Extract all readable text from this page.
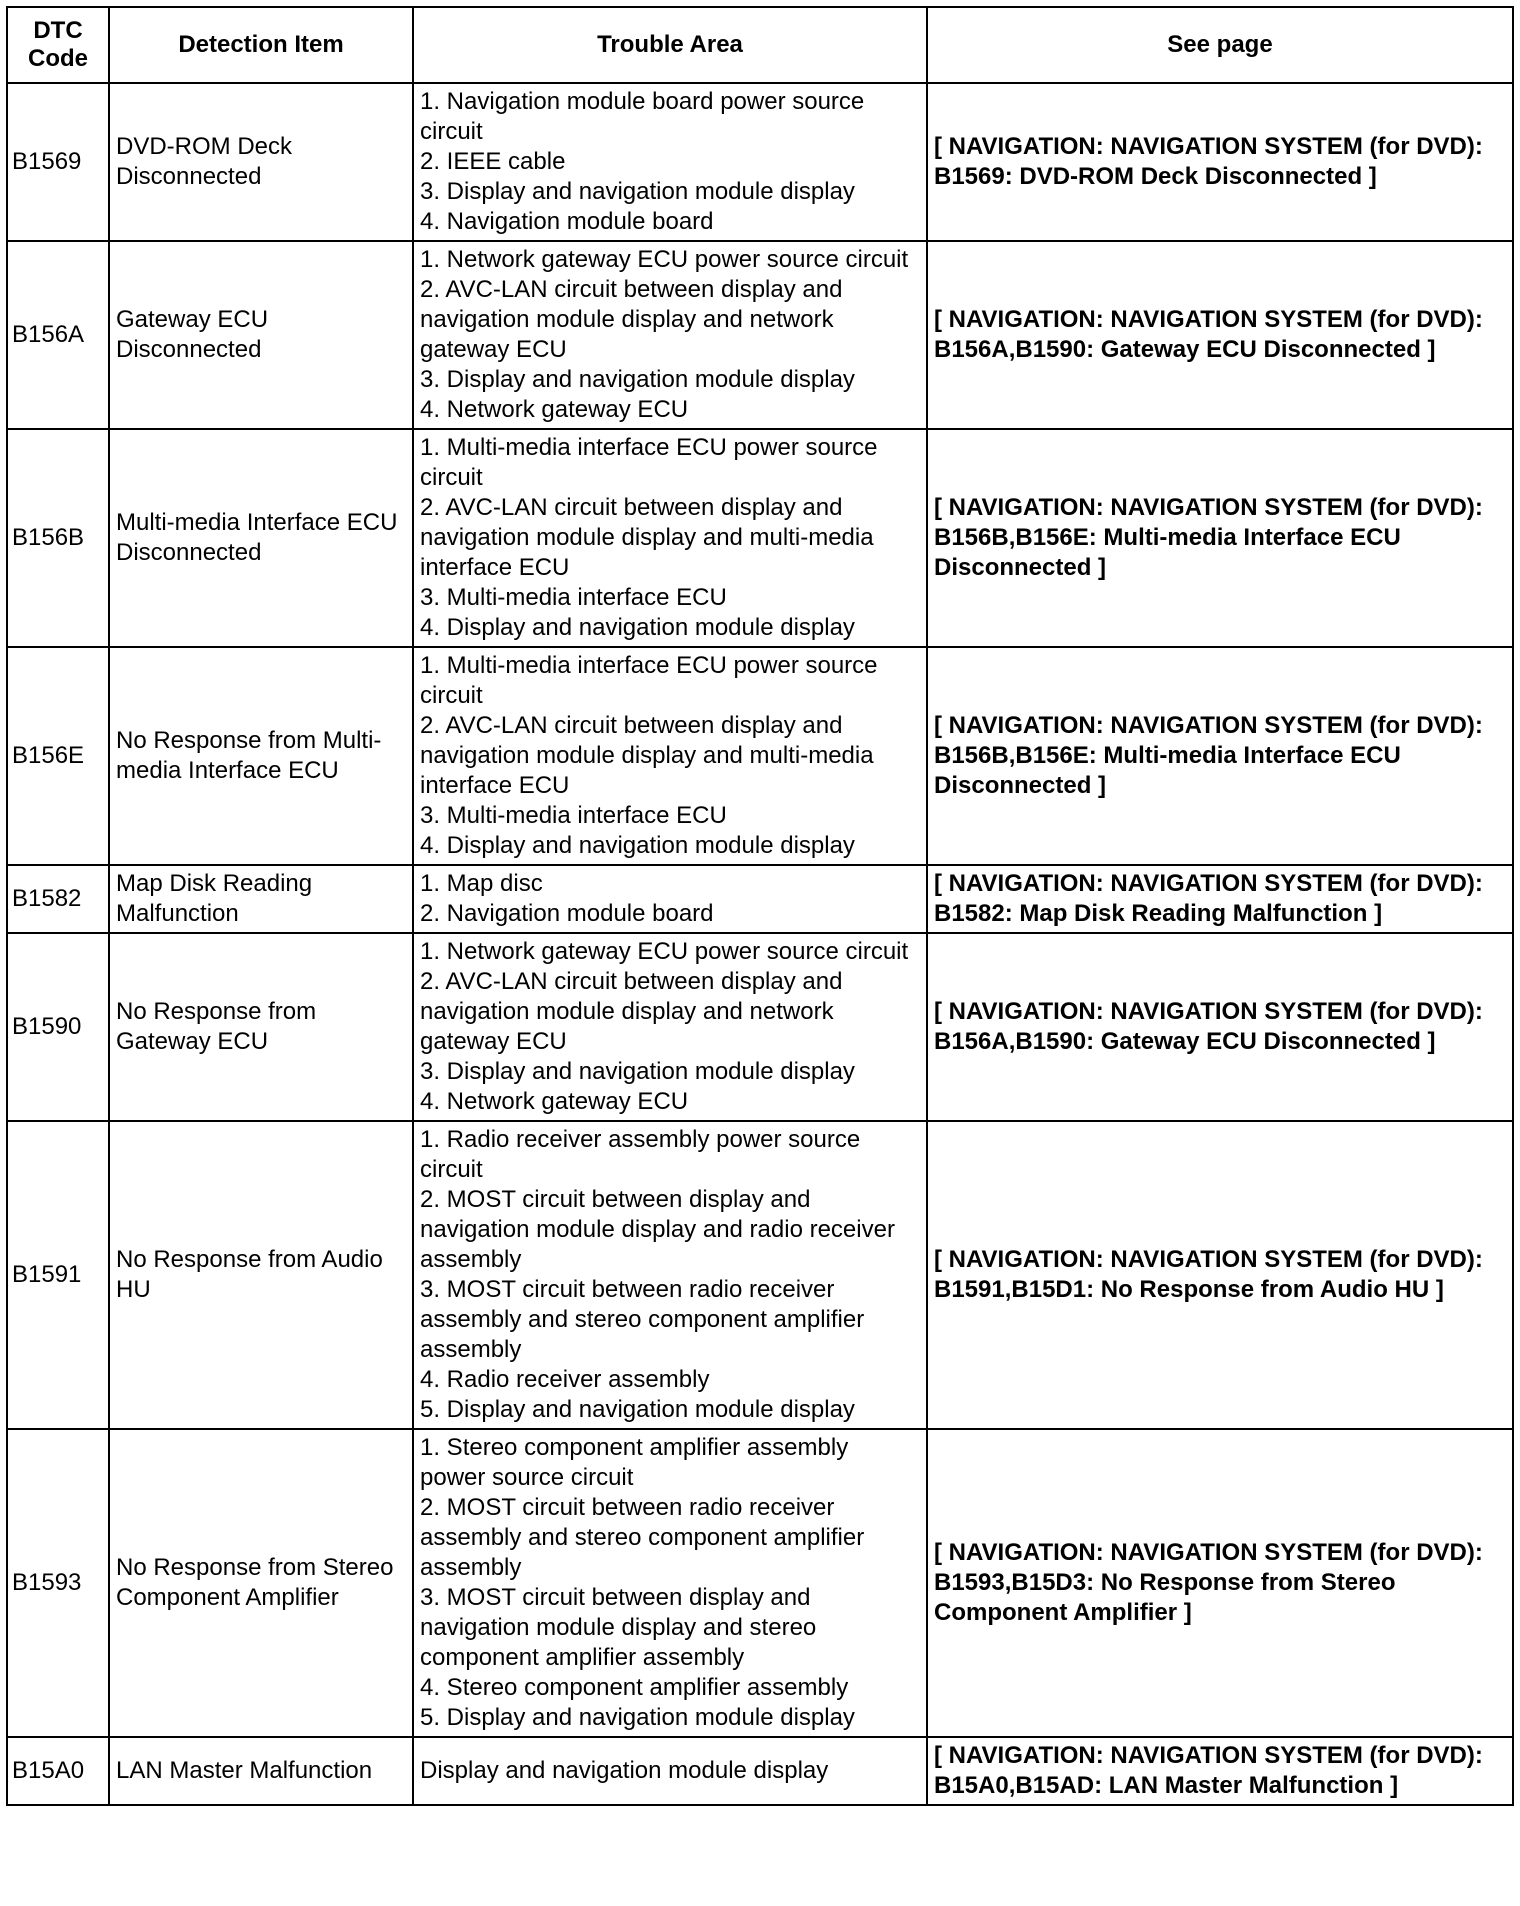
DTC Code	Detection Item	Trouble Area	See page
B1569	DVD-ROM Deck Disconnected	1. Navigation module board power source circuit
2. IEEE cable
3. Display and navigation module display
4. Navigation module board	[ NAVIGATION: NAVIGATION SYSTEM (for DVD): B1569: DVD-ROM Deck Disconnected ]
B156A	Gateway ECU Disconnected	1. Network gateway ECU power source circuit
2. AVC-LAN circuit between display and navigation module display and network gateway ECU
3. Display and navigation module display
4. Network gateway ECU	[ NAVIGATION: NAVIGATION SYSTEM (for DVD): B156A,B1590: Gateway ECU Disconnected ]
B156B	Multi-media Interface ECU Disconnected	1. Multi-media interface ECU power source circuit
2. AVC-LAN circuit between display and navigation module display and multi-media interface ECU
3. Multi-media interface ECU
4. Display and navigation module display	[ NAVIGATION: NAVIGATION SYSTEM (for DVD): B156B,B156E: Multi-media Interface ECU Disconnected ]
B156E	No Response from Multi-media Interface ECU	1. Multi-media interface ECU power source circuit
2. AVC-LAN circuit between display and navigation module display and multi-media interface ECU
3. Multi-media interface ECU
4. Display and navigation module display	[ NAVIGATION: NAVIGATION SYSTEM (for DVD): B156B,B156E: Multi-media Interface ECU Disconnected ]
B1582	Map Disk Reading Malfunction	1. Map disc
2. Navigation module board	[ NAVIGATION: NAVIGATION SYSTEM (for DVD): B1582: Map Disk Reading Malfunction ]
B1590	No Response from Gateway ECU	1. Network gateway ECU power source circuit
2. AVC-LAN circuit between display and navigation module display and network gateway ECU
3. Display and navigation module display
4. Network gateway ECU	[ NAVIGATION: NAVIGATION SYSTEM (for DVD): B156A,B1590: Gateway ECU Disconnected ]
B1591	No Response from Audio HU	1. Radio receiver assembly power source circuit
2. MOST circuit between display and navigation module display and radio receiver assembly
3. MOST circuit between radio receiver assembly and stereo component amplifier assembly
4. Radio receiver assembly
5. Display and navigation module display	[ NAVIGATION: NAVIGATION SYSTEM (for DVD): B1591,B15D1: No Response from Audio HU ]
B1593	No Response from Stereo Component Amplifier	1. Stereo component amplifier assembly power source circuit
2. MOST circuit between radio receiver assembly and stereo component amplifier assembly
3. MOST circuit between display and navigation module display and stereo component amplifier assembly
4. Stereo component amplifier assembly
5. Display and navigation module display	[ NAVIGATION: NAVIGATION SYSTEM (for DVD): B1593,B15D3: No Response from Stereo Component Amplifier ]
B15A0	LAN Master Malfunction	Display and navigation module display	[ NAVIGATION: NAVIGATION SYSTEM (for DVD): B15A0,B15AD: LAN Master Malfunction ]
